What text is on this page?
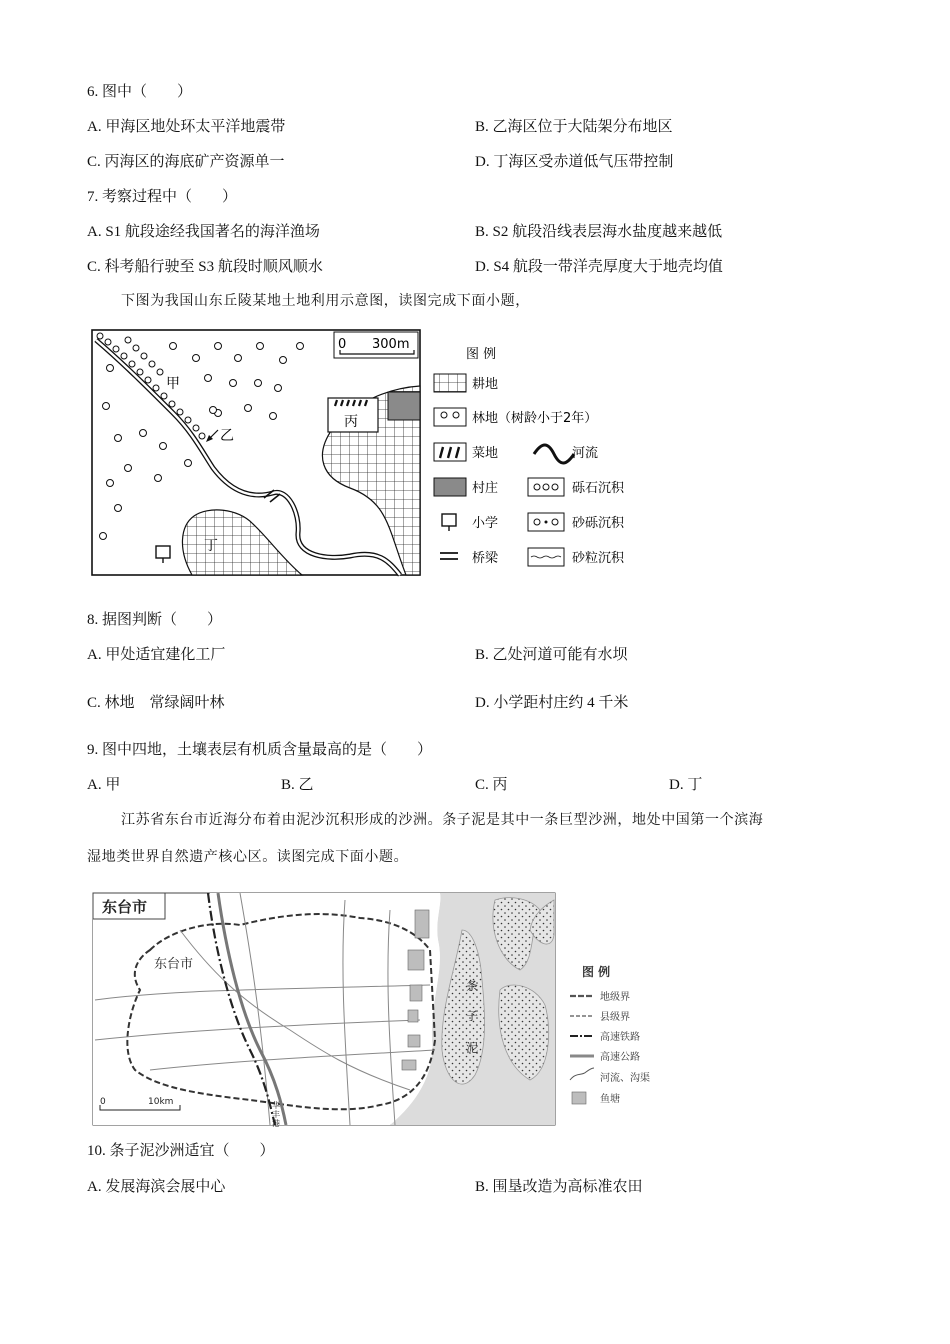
6. 图中（　　）
A. 甲海区地处环太平洋地震带	B. 乙海区位于大陆架分布地区
C. 丙海区的海底矿产资源单一	D. 丁海区受赤道低气压带控制
7. 考察过程中（　　）
A. S1 航段途经我国著名的海洋渔场	B. S2 航段沿线表层海水盐度越来越低
C. 科考船行驶至 S3 航段时顺风顺水	D. S4 航段一带洋壳厚度大于地壳均值
下图为我国山东丘陵某地土地利用示意图，读图完成下面小题，
0 300m
丙
甲
乙
丁
图 例
耕地
林地（树龄小于2年）
菜地	河流
村庄	砾石沉积
小学	砂砾沉积
桥梁	砂粒沉积
8. 据图判断（　　）
A. 甲处适宜建化工厂	B. 乙处河道可能有水坝
C. 林地　常绿阔叶林	D. 小学距村庄约 4 千米
9. 图中四地，土壤表层有机质含量最高的是（　　）
A. 甲	B. 乙	C. 丙	D. 丁
江苏省东台市近海分布着由泥沙沉积形成的沙洲。条子泥是其中一条巨型沙洲，地处中国第一个滨海
湿地类世界自然遗产核心区。读图完成下面小题。
东台市
东台市
条
子
泥
华
丰
港
0	10km
图 例
地级界
县级界
高速铁路
高速公路
河流、沟渠
鱼塘
10. 条子泥沙洲适宜（　　）
A. 发展海滨会展中心	B. 围垦改造为高标准农田
